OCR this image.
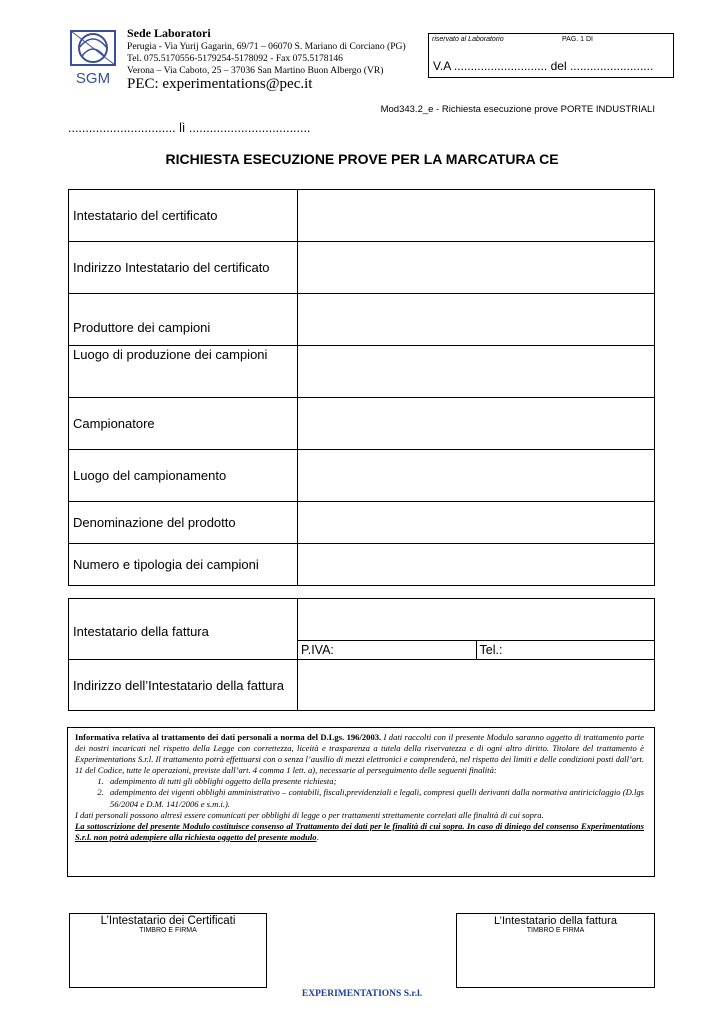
SGM
Sede Laboratori
Perugia - Via Yurij Gagarin, 69/71 – 06070 S. Mariano di Corciano (PG)
Tel. 075.5170556-5179254-5178092 - Fax 075.5178146
Verona – Via Caboto, 25 – 37036 San Martino Buon Albergo (VR)
PEC: experimentations@pec.it
riservato al Laboratorio	PAG. 1 DI
V.A ............................ del .........................
Mod343.2_e - Richiesta esecuzione prove PORTE INDUSTRIALI
............................... lì ...................................
RICHIESTA ESECUZIONE PROVE PER LA MARCATURA CE
Intestatario del certificato	
Indirizzo Intestatario del certificato	
Produttore dei campioni	
Luogo di produzione dei campioni	
Campionatore	
Luogo del campionamento	
Denominazione del prodotto	
Numero e tipologia dei campioni	
Intestatario della fattura		
	P.IVA:	Tel.:
Indirizzo dell’Intestatario della fattura		

Informativa relativa al trattamento dei dati personali a norma del D.Lgs. 196/2003. I dati raccolti con il presente Modulo saranno oggetto di trattamento parte dei nostri incaricati nel rispetto della Legge con correttezza, liceità e trasparenza a tutela della riservatezza e di ogni altro diritto. Titolare del trattamento è Experimentations S.r.l. Il trattamento potrà effettuarsi con o senza l’ausilio di mezzi elettronici e comprenderà, nel rispetto dei limiti e delle condizioni posti dall’art. 11 del Codice, tutte le operazioni, previste dall’art. 4 comma 1 lett. a), necessarie al perseguimento delle seguenti finalità:

1. adempimento di tutti gli obblighi oggetto della presente richiesta;
2. adempimento dei vigenti obblighi amministrativo – contabili, fiscali,previdenziali e legali, compresi quelli derivanti dalla normativa antiriciclaggio (D.lgs 56/2004 e D.M. 141/2006 e s.m.i.).

I dati personali possono altresì essere comunicati per obblighi di legge o per trattamenti strettamente correlati alle finalità di cui sopra.

La sottoscrizione del presente Modulo costituisce consenso al Trattamento dei dati per le finalità di cui sopra. In caso di diniego del consenso Experimentations S.r.l. non potrà adempiere alla richiesta oggetto del presente modulo.

L’Intestatario dei Certificati
TIMBRO E FIRMA
L’Intestatario della fattura
TIMBRO E FIRMA
EXPERIMENTATIONS S.r.l.
